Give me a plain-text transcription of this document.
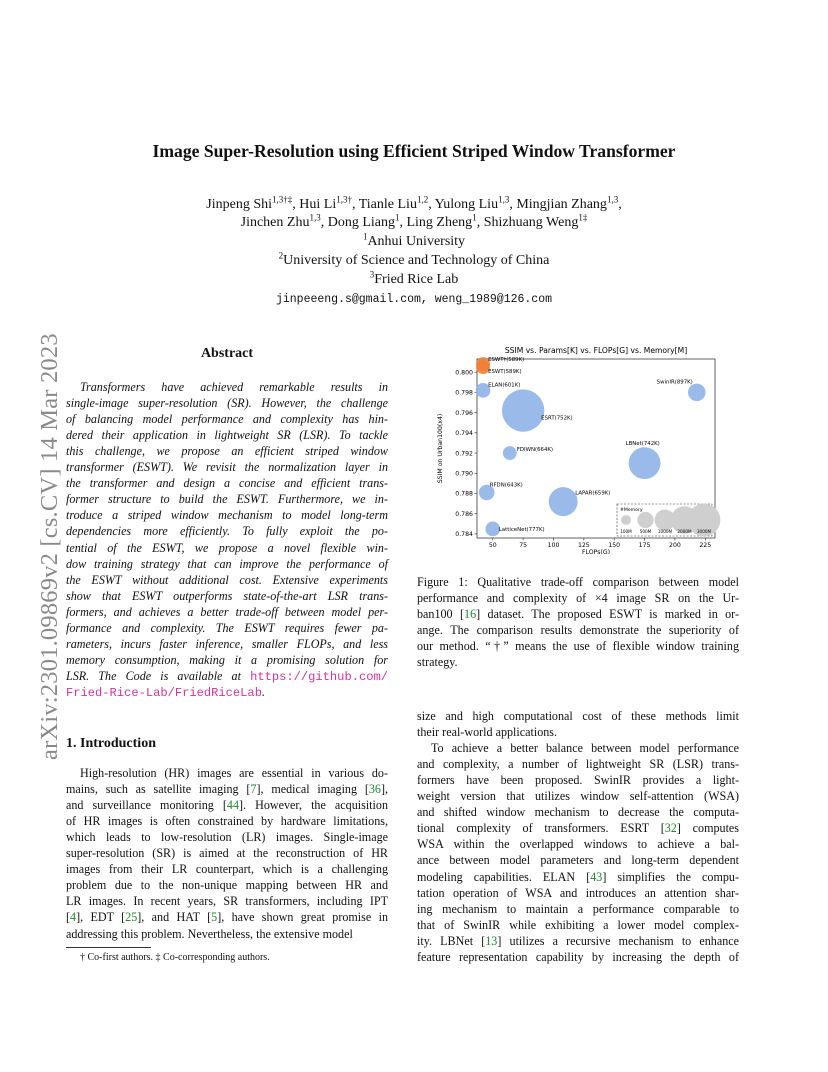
arXiv:2301.09869v2 [cs.CV] 14 Mar 2023
Image Super-Resolution using Efficient Striped Window Transformer
Jinpeng Shi$^{1,3\dagger\ddagger}$, Hui $Li^{1,3\dagger}$, Tianle Liu$^{1,2}$, Yulong Liu$^{1,3}$, Mingjian Zhang$^{1,3}$,
Jinchen Zhu$^{1,3}$, Dong Liang$^1$, Ling Zheng$^1$, Shizhuang Weng$^{1\ddagger}$
$^1$Anhui University
$^2$University of Science and Technology of China
$^3$Fried Rice Lab
jinpeeeng.s@gmail.com, weng_1989@126.com
Abstract
Transformers have achieved remarkable results in
single-image super-resolution (SR). However, the challenge
of balancing model performance and complexity has hin-
dered their application in lightweight SR (LSR). To tackle
this challenge, we propose an efficient striped window
transformer (ESWT). We revisit the normalization layer in
the transformer and design a concise and efficient trans-
former structure to build the ESWT. Furthermore, we in-
troduce a striped window mechanism to model long-term
dependencies more efficiently. To fully exploit the po-
tential of the ESWT, we propose a novel flexible win-
dow training strategy that can improve the performance of
the ESWT without additional cost. Extensive experiments
show that ESWT outperforms state-of-the-art LSR trans-
formers, and achieves a better trade-off between model per-
formance and complexity. The ESWT requires fewer pa-
rameters, incurs faster inference, smaller FLOPs, and less
memory consumption, making it a promising solution for
LSR. The Code is available at https://github.com/
Fried-Rice-Lab/FriedRiceLab.
1. Introduction
High-resolution (HR) images are essential in various do-
mains, such as satellite imaging [7], medical imaging [36],
and surveillance monitoring [44]. However, the acquisition
of HR images is often constrained by hardware limitations,
which leads to low-resolution (LR) images. Single-image
super-resolution (SR) is aimed at the reconstruction of HR
images from their LR counterpart, which is a challenging
problem due to the non-unique mapping between HR and
LR images. In recent years, SR transformers, including IPT
[4], EDT [25], and HAT [5], have shown great promise in
addressing this problem. Nevertheless, the extensive model
† Co-first authors. ‡ Co-corresponding authors.
SSIM vs. Params[K] vs. FLOPs[G] vs. Memory[M]
50	75	100	125	150	175	200	225
0.784
0.786
0.788
0.790
0.792
0.794
0.796
0.798
0.800
FLOPs(G)
SSIM on Urban100(x4)
ESWT†(589K)
ESWT(589K)
ELAN(601K)	SwinIR(897K)
ESRT(752K)
FDIWN(664K)
LBNet(742K)
RFDN(643K)
LAPAR(659K)
LatticeNet(777K)
#Memory
100M 500M 1000M 2000M 3000M
Figure 1: Qualitative trade-off comparison between model
performance and complexity of ×4 image SR on the Ur-
ban100 [16] dataset. The proposed ESWT is marked in or-
ange. The comparison results demonstrate the superiority of
our method. “†” means the use of flexible window training
strategy.
size and high computational cost of these methods limit
their real-world applications.
To achieve a better balance between model performance
and complexity, a number of lightweight SR (LSR) trans-
formers have been proposed. SwinIR provides a light-
weight version that utilizes window self-attention (WSA)
and shifted window mechanism to decrease the computa-
tional complexity of transformers. ESRT [32] computes
WSA within the overlapped windows to achieve a bal-
ance between model parameters and long-term dependent
modeling capabilities. ELAN [43] simplifies the compu-
tation operation of WSA and introduces an attention shar-
ing mechanism to maintain a performance comparable to
that of SwinIR while exhibiting a lower model complex-
ity. LBNet [13] utilizes a recursive mechanism to enhance
feature representation capability by increasing the depth of
